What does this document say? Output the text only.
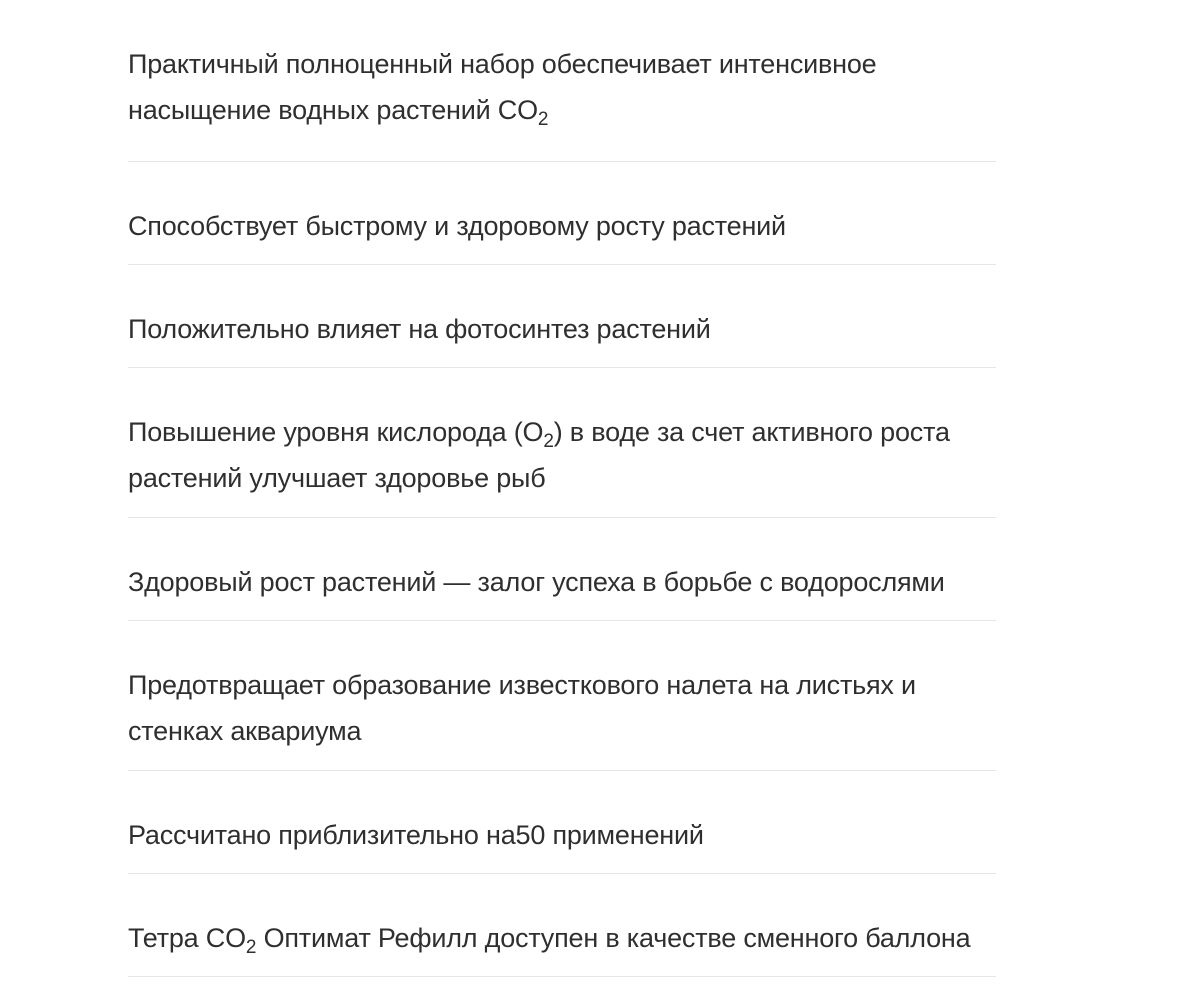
Практичный полноценный набор обеспечивает интенсивное насыщение водных растений $CO_2$
Способствует быстрому и здоровому росту растений
Положительно влияет на фотосинтез растений
Повышение уровня кислорода $(O_2)$ в воде за счет активного роста растений улучшает здоровье рыб
Здоровый рост растений — залог успеха в борьбе с водорослями
Предотвращает образование известкового налета на листьях и стенках аквариума
Рассчитано приблизительно на50 применений
Тетра $CO_2$ Оптимат Рефилл доступен в качестве сменного баллона
